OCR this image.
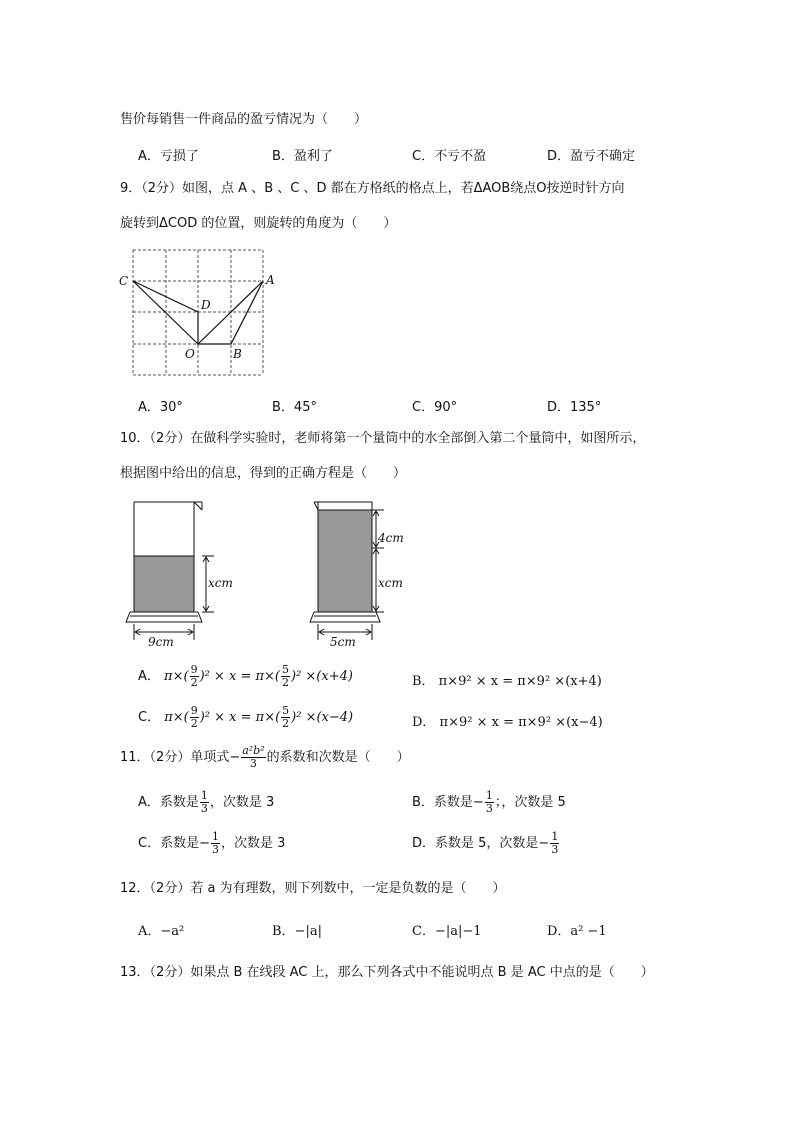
售价每销售一件商品的盈亏情况为（　　）
A．亏损了	B．盈利了	C．不亏不盈	D．盈亏不确定
9．（2分）如图，点 A 、B 、C 、D 都在方格纸的格点上，若ΔAOB绕点O按逆时针方向
旋转到ΔCOD 的位置，则旋转的角度为（　　）
C	A
D
O	B
A．30°	B．45°	C．90°	D．135°
10．（2分）在做科学实验时，老师将第一个量筒中的水全部倒入第二个量筒中，如图所示，
根据图中给出的信息，得到的正确方程是（　　）
xcm
9cm
4cm
xcm
5cm
A． $\pi\times( \frac{9}{2} )^2 \times x = \pi\times( \frac{5}{2} )^2 \times(x+4)$	B． π×9² × x = π×9² ×(x+4)
C． $\pi\times( \frac{9}{2} )^2 \times x = \pi\times( \frac{5}{2} )^2 \times(x-4)$	D． π×9² × x = π×9² ×(x−4)
11．（2分）单项式− $\frac{\text{a²b²}}{3}$ 的系数和次数是（　　）
A．系数是 $\frac{1}{3}$ ，次数是 3	B．系数是− $\frac{1}{3}$ ；，次数是 5
C．系数是− $\frac{1}{3}$ ，次数是 3	D．系数是 5，次数是− $\frac{1}{3}$
12．（2分）若 a 为有理数，则下列数中，一定是负数的是（　　）
A．−a²	B．−|a|	C．−|a|−1	D．a² −1
13．（2分）如果点 B 在线段 AC 上，那么下列各式中不能说明点 B 是 AC 中点的是（　　）
